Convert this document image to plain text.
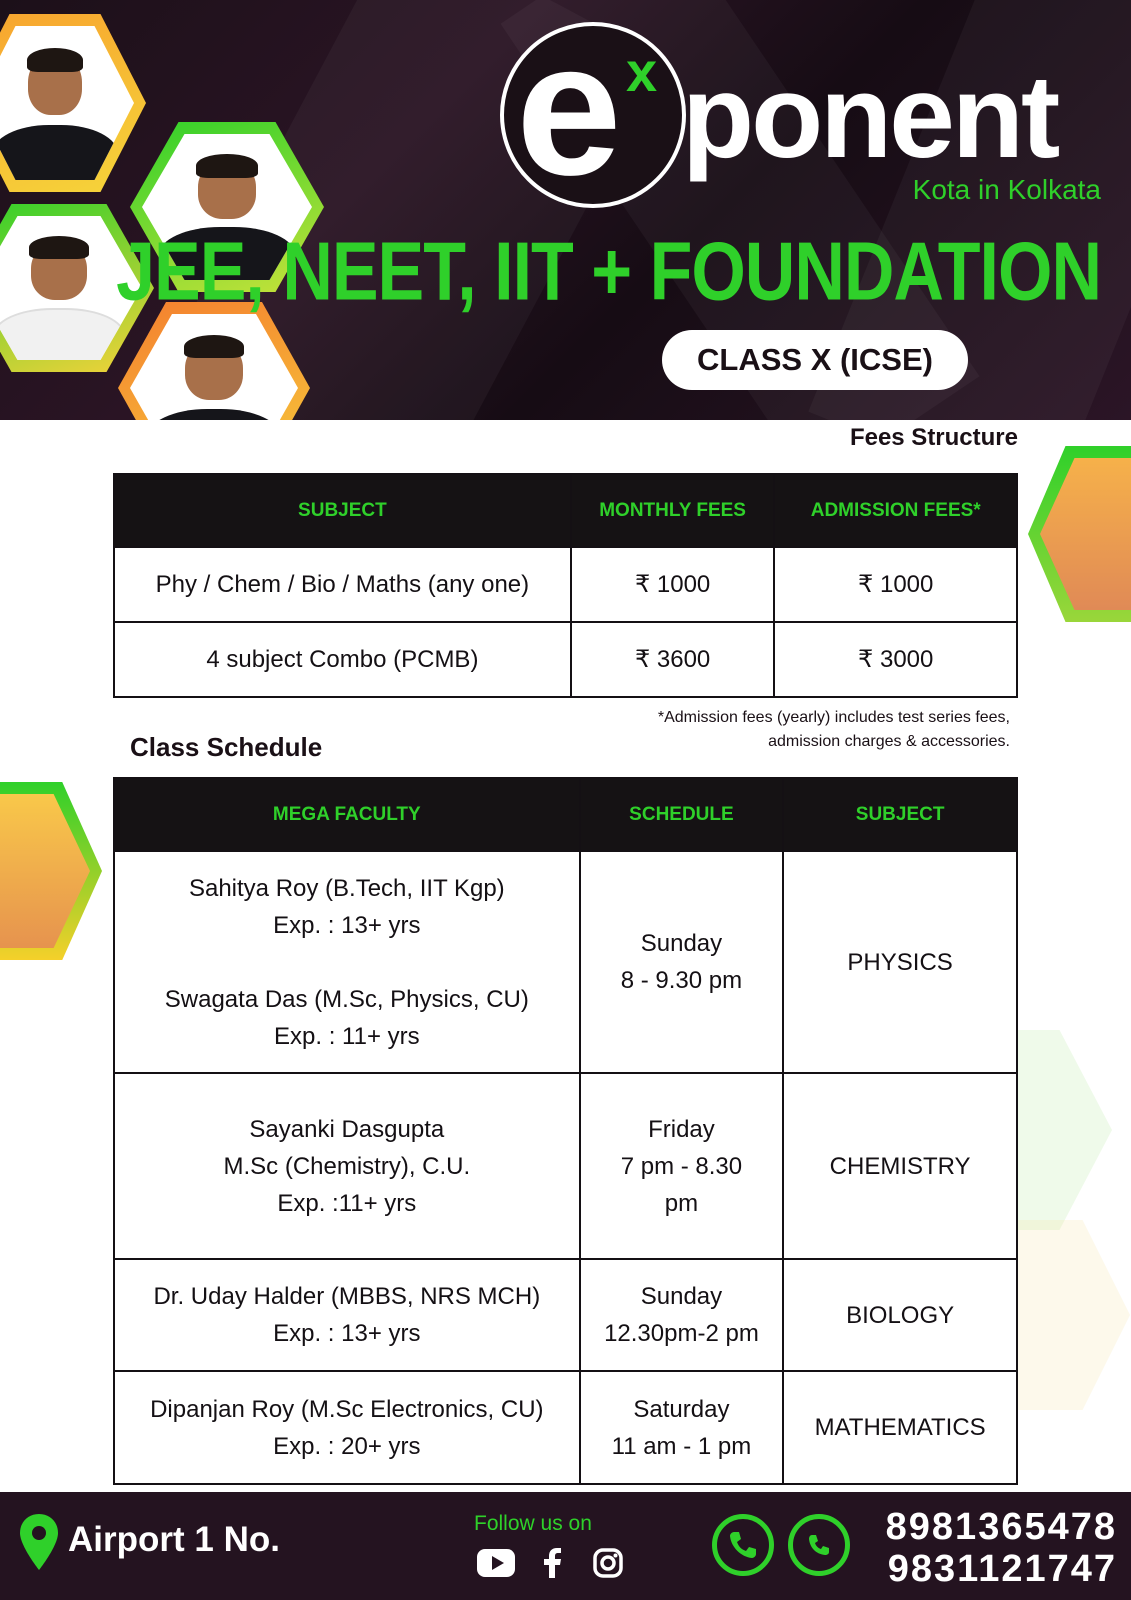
e x ponent
Kota in Kolkata
JEE, NEET, IIT + FOUNDATION
CLASS X (ICSE)
Fees Structure
SUBJECT	MONTHLY FEES	ADMISSION FEES*
Phy / Chem / Bio / Maths (any one)	₹ 1000	₹ 1000
4 subject Combo (PCMB)	₹ 3600	₹ 3000
*Admission fees (yearly) includes test series fees,
admission charges & accessories.
Class Schedule
MEGA FACULTY	SCHEDULE	SUBJECT

Sahitya Roy (B.Tech, IIT Kgp)
Exp. : 13+ yrs
Swagata Das (M.Sc, Physics, CU)
Exp. : 11+ yrs	Sunday
8 - 9.30 pm	PHYSICS

Sayanki Dasgupta
M.Sc (Chemistry), C.U.
Exp. :11+ yrs	Friday
7 pm - 8.30
pm	CHEMISTRY

Dr. Uday Halder (MBBS, NRS MCH)
Exp. : 13+ yrs	Sunday
12.30pm-2 pm	BIOLOGY

Dipanjan Roy (M.Sc Electronics, CU)
Exp. : 20+ yrs	Saturday
11 am - 1 pm	MATHEMATICS
Airport 1 No.	Follow us on	8981365478
9831121747
